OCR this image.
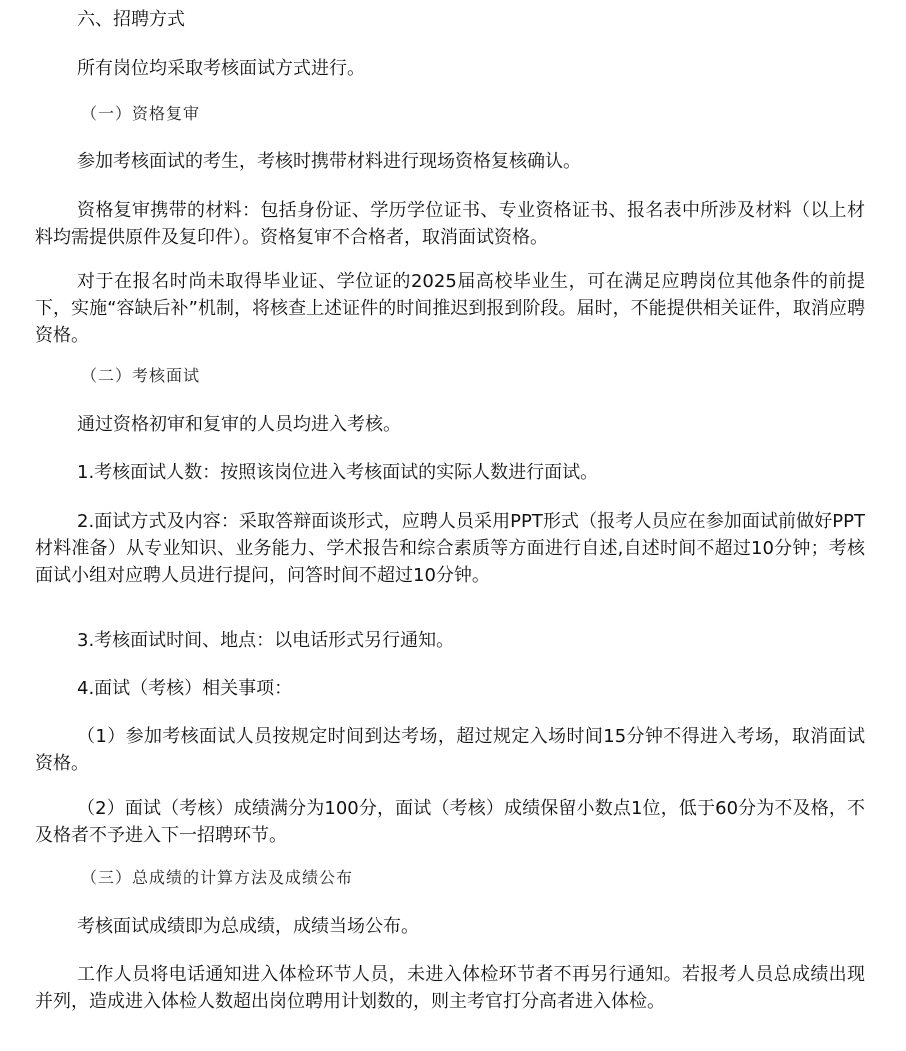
六、招聘方式

所有岗位均采取考核面试方式进行。

（一）资格复审

参加考核面试的考生，考核时携带材料进行现场资格复核确认。

资格复审携带的材料：包括身份证、学历学位证书、专业资格证书、报名表中所涉及材料（以上材料均需提供原件及复印件）。资格复审不合格者，取消面试资格。

对于在报名时尚未取得毕业证、学位证的2025届高校毕业生，可在满足应聘岗位其他条件的前提下，实施“容缺后补”机制，将核查上述证件的时间推迟到报到阶段。届时，不能提供相关证件，取消应聘资格。

（二）考核面试

通过资格初审和复审的人员均进入考核。

1.考核面试人数：按照该岗位进入考核面试的实际人数进行面试。

2.面试方式及内容：采取答辩面谈形式，应聘人员采用PPT形式（报考人员应在参加面试前做好PPT材料准备）从专业知识、业务能力、学术报告和综合素质等方面进行自述,自述时间不超过10分钟；考核面试小组对应聘人员进行提问，问答时间不超过10分钟。

3.考核面试时间、地点：以电话形式另行通知。

4.面试（考核）相关事项：

（1）参加考核面试人员按规定时间到达考场，超过规定入场时间15分钟不得进入考场，取消面试资格。

（2）面试（考核）成绩满分为100分，面试（考核）成绩保留小数点1位，低于60分为不及格，不及格者不予进入下一招聘环节。

（三）总成绩的计算方法及成绩公布

考核面试成绩即为总成绩，成绩当场公布。

工作人员将电话通知进入体检环节人员，未进入体检环节者不再另行通知。若报考人员总成绩出现并列，造成进入体检人数超出岗位聘用计划数的，则主考官打分高者进入体检。
